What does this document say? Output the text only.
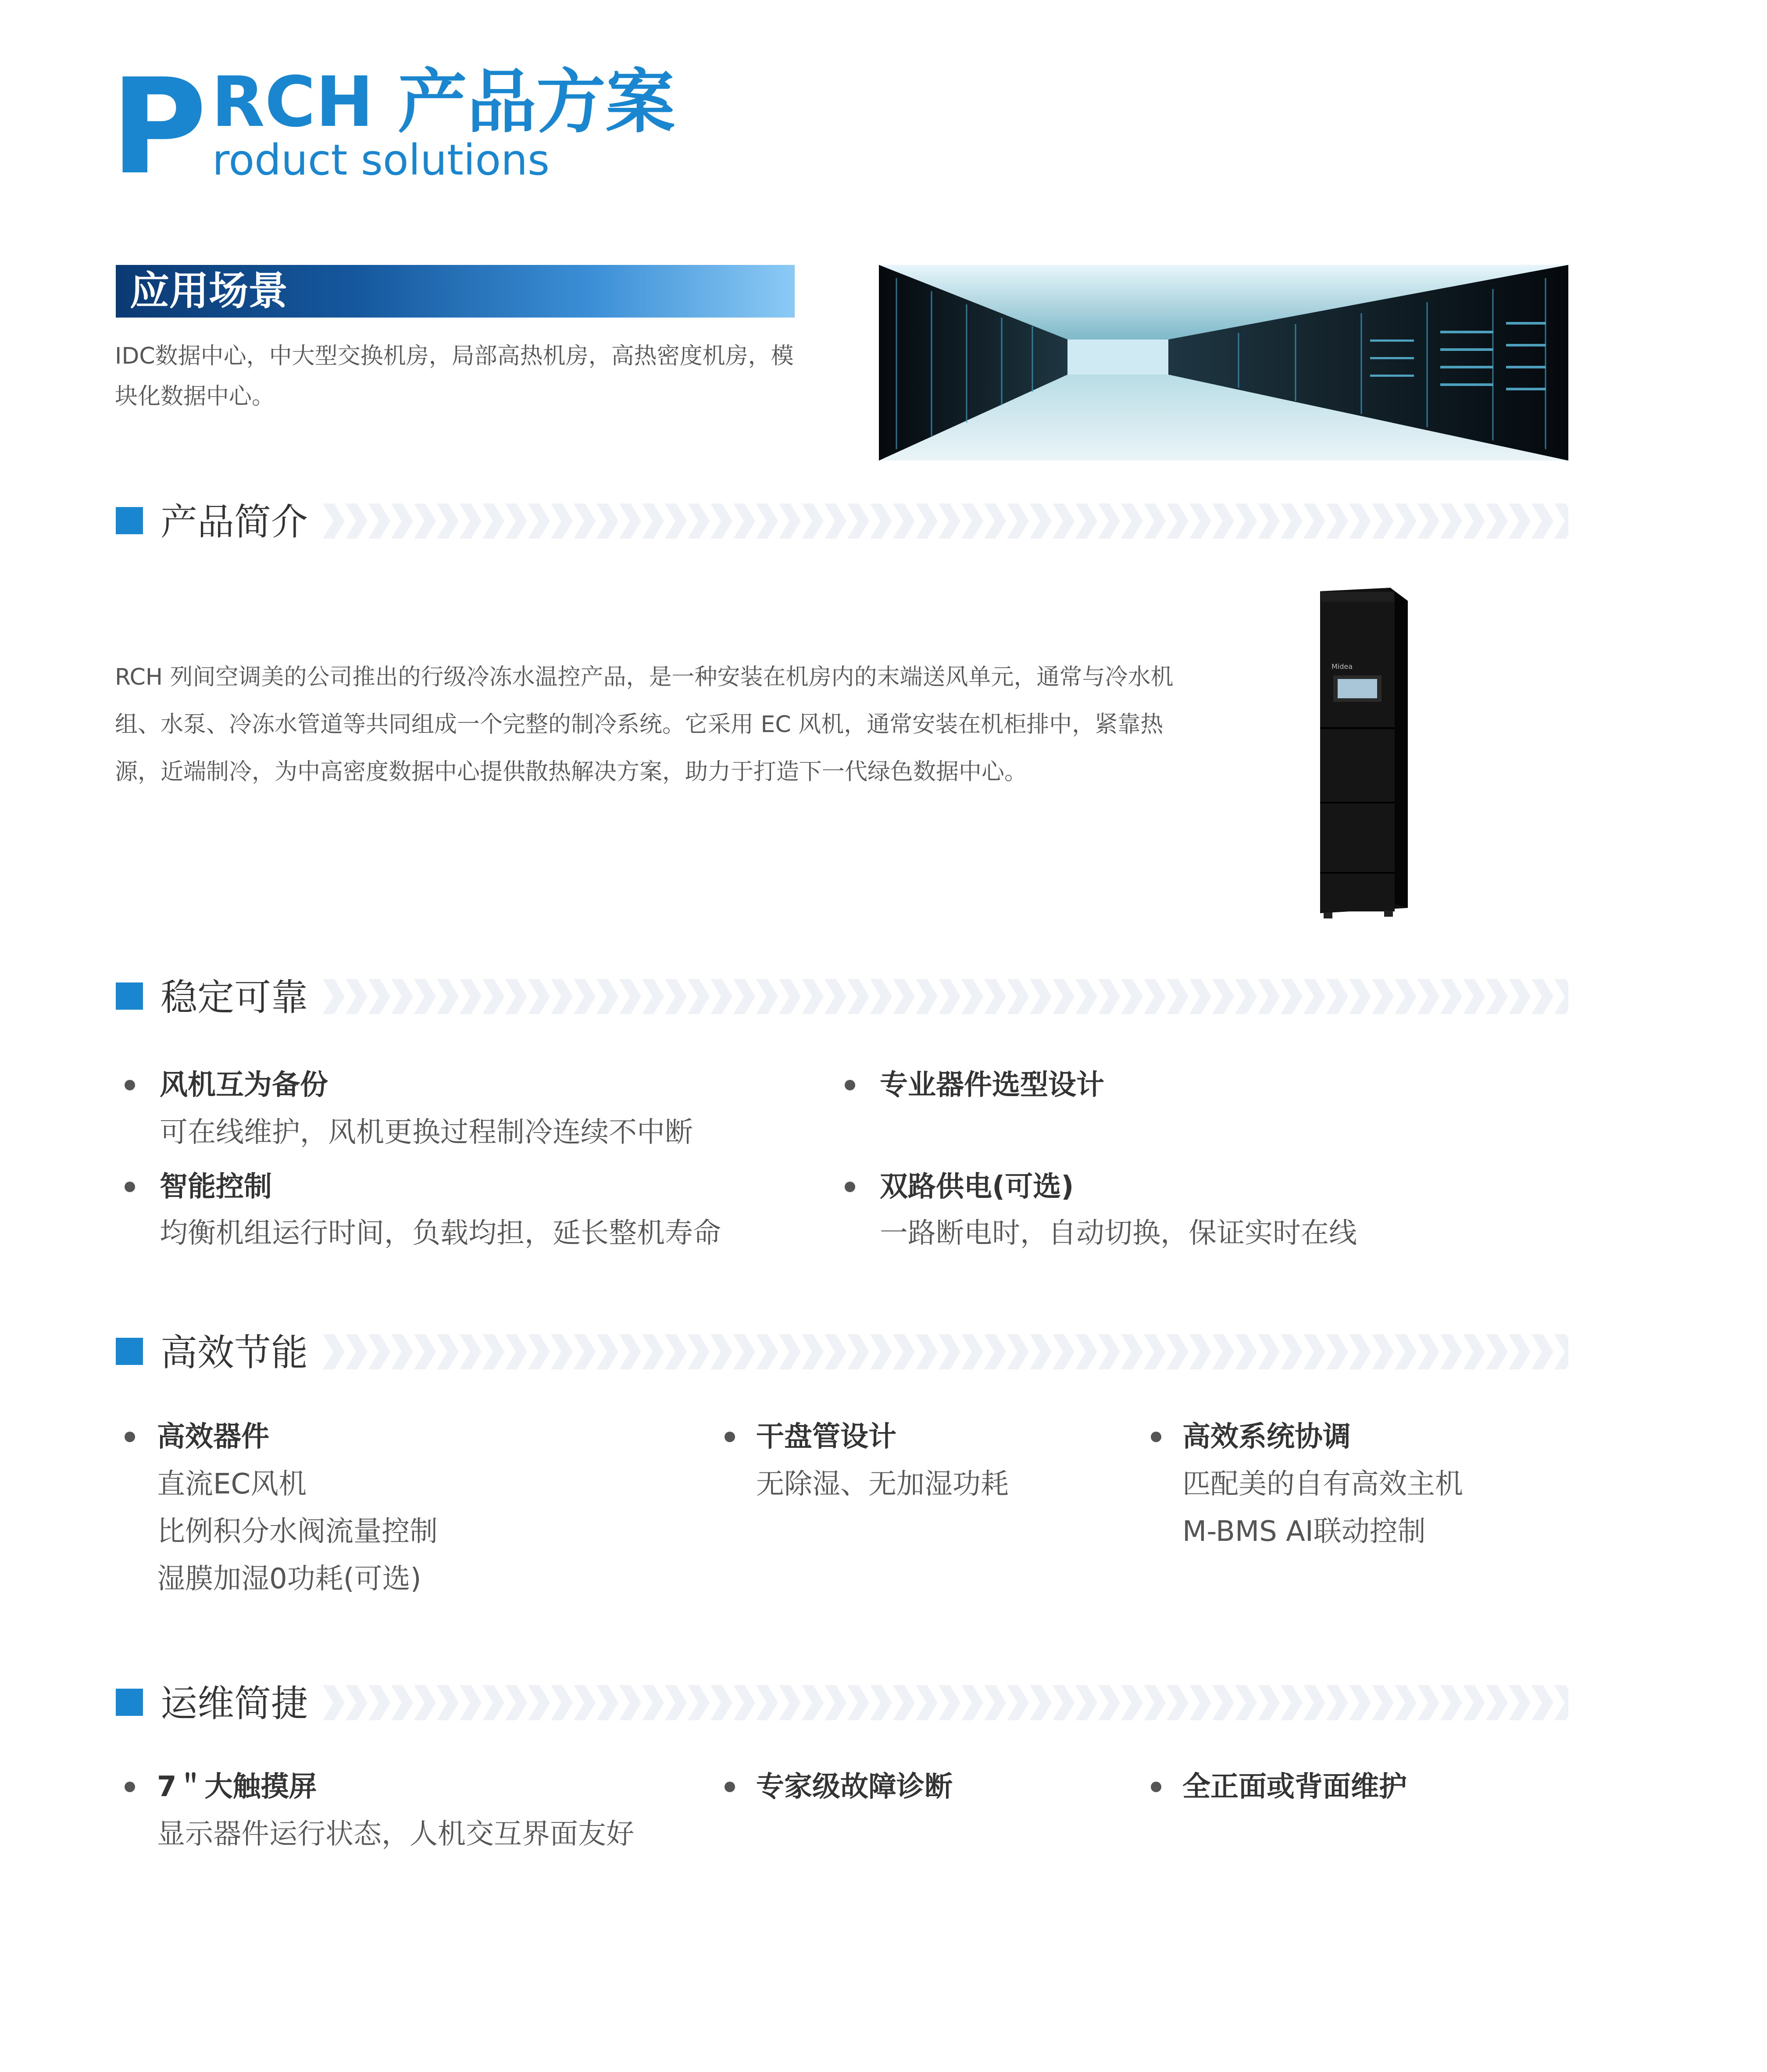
P RCH 产品方案
roduct solutions
应用场景
IDC数据中心，中大型交换机房，局部高热机房，高热密度机房，模块化数据中心。
产品简介
RCH 列间空调美的公司推出的行级冷冻水温控产品，是一种安装在机房内的末端送风单元，通常与冷水机组、水泵、冷冻水管道等共同组成一个完整的制冷系统。它采用 EC 风机，通常安装在机柜排中，紧靠热源，近端制冷，为中高密度数据中心提供散热解决方案，助力于打造下一代绿色数据中心。
Midea
稳定可靠
风机互为备份
可在线维护，风机更换过程制冷连续不中断
专业器件选型设计
智能控制
均衡机组运行时间，负载均担，延长整机寿命
双路供电(可选)
一路断电时，自动切换，保证实时在线
高效节能
高效器件
直流EC风机
比例积分水阀流量控制
湿膜加湿0功耗(可选)
干盘管设计
无除湿、无加湿功耗
高效系统协调
匹配美的自有高效主机
M-BMS AI联动控制
运维简捷
7＂大触摸屏
显示器件运行状态，人机交互界面友好
专家级故障诊断	全正面或背面维护
